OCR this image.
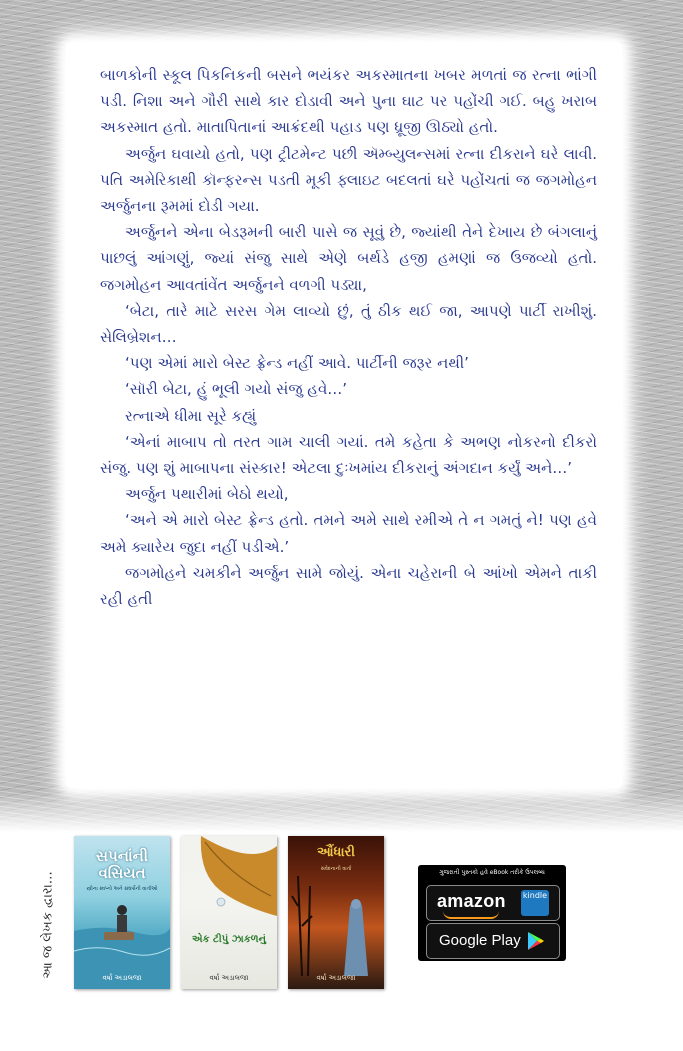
બાળકોની સ્કૂલ પિકનિકની બસને ભયંકર અકસ્માતના ખબર મળતાં જ રત્ના ભાંગી પડી. નિશા અને ગૌરી સાથે કાર દોડાવી અને પુના ઘાટ પર પહોંચી ગઈ. બહુ ખરાબ અકસ્માત હતો. માતાપિતાનાં આક્રંદથી પહાડ પણ ધ્રૂજી ઊઠ્યો હતો.

અર્જુન ઘવાયો હતો, પણ ટ્રીટમેન્ટ પછી ઍમ્બ્યુલન્સમાં રત્ના દીકરાને ઘરે લાવી. પતિ અમેરિકાથી કૉન્ફરન્સ પડતી મૂકી ફ્લાઇટ બદલતાં ઘરે પહોંચતાં જ જગમોહન અર્જુનના રૂમમાં દોડી ગયા.

અર્જુનને એના બેડરૂમની બારી પાસે જ સૂવું છે, જ્યાંથી તેને દેખાય છે બંગલાનું પાછલું આંગણું, જ્યાં સંજુ સાથે એણે બર્થડે હજી હમણાં જ ઉજવ્યો હતો. જગમોહન આવતાંવેંત અર્જુનને વળગી પડ્યા,

‘બેટા, તારે માટે સરસ ગેમ લાવ્યો છું, તું ઠીક થઈ જા, આપણે પાર્ટી રાખીશું. સેલિબ્રેશન…

‘પણ એમાં મારો બેસ્ટ ફ્રેન્ડ નહીં આવે. પાર્ટીની જરૂર નથી’

‘સૉરી બેટા, હું ભૂલી ગયો સંજુ હવે…’

રત્નાએ ધીમા સૂરે કહ્યું

‘એનાં માબાપ તો તરત ગામ ચાલી ગયાં. તમે કહેતા કે અભણ નોકરનો દીકરો સંજુ. પણ શું માબાપના સંસ્કાર! એટલા દુઃખમાંય દીકરાનું અંગદાન કર્યું અને…’

અર્જુન પથારીમાં બેઠો થયો,

‘અને એ મારો બેસ્ટ ફ્રેન્ડ હતો. તમને અમે સાથે રમીએ તે ન ગમતું ને! પણ હવે અમે ક્યારેય જુદા નહીં પડીએ.’

જગમોહને ચમકીને અર્જુન સામે જોયું. એના ચહેરાની બે આંખો એમને તાકી રહી હતી

આ જ લેખક દ્વારા…
સપનાંની વસિયત
સ્ત્રીના સ્વપ્નો અને સંઘર્ષોની વાર્તાઓ
વર્ષા અડાલજા
એક ટીપું ઝાકળનું
વર્ષા અડાલજા
ઔંધારી
સંવેદનાની વાર્તા
વર્ષા અડાલજા
ગુજરાતી પુસ્તકો હવે eBook તરીકે ઉપલબ્ધ
amazon kindle
Google Play
